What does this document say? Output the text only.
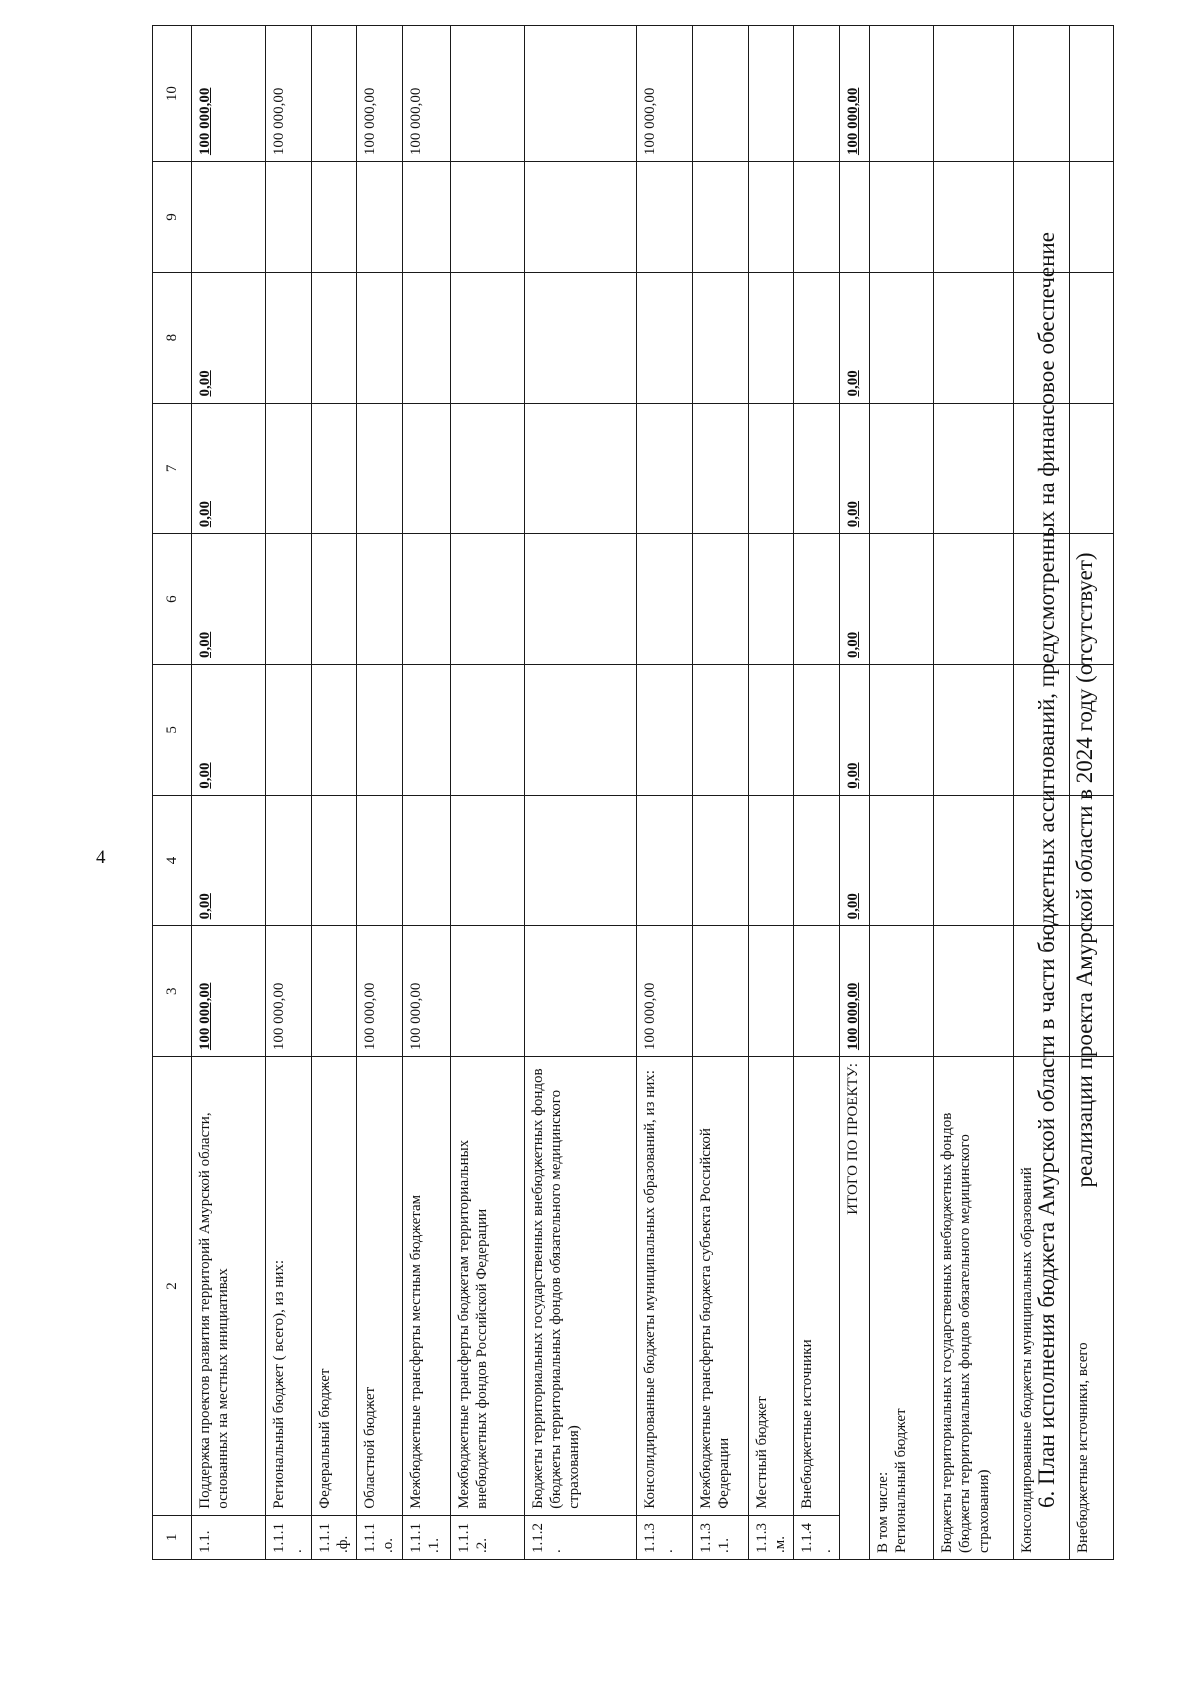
4
1	2	3	4	5	6	7	8	9	10
1.1.	Поддержка проектов развития территорий Амурской области, основанных на местных инициативах	100 000,00	0,00	0,00	0,00	0,00	0,00		100 000,00
1.1.1.	Региональный бюджет ( всего), из них:	100 000,00							100 000,00
1.1.1.ф.	Федеральный бюджет								
1.1.1.о.	Областной бюджет	100 000,00							100 000,00
1.1.1.1.	Межбюджетные трансферты местным бюджетам	100 000,00							100 000,00
1.1.1.2.	Межбюджетные трансферты бюджетам территориальных внебюджетных фондов Российской Федерации								
1.1.2.	Бюджеты территориальных государственных внебюджетных фондов (бюджеты территориальных фондов обязательного медицинского страхования)								
1.1.3.	Консолидированные бюджеты муниципальных образований, из них:	100 000,00							100 000,00
1.1.3.1.	Межбюджетные трансферты бюджета субъекта Российской Федерации								
1.1.3.м.	Местный бюджет								
1.1.4.	Внебюджетные источники								
ИТОГО ПО ПРОЕКТУ:		100 000,00	0,00	0,00	0,00	0,00	0,00		100 000,00
В том числе:
Региональный бюджет									
Бюджеты территориальных государственных внебюджетных фондов (бюджеты территориальных фондов обязательного медицинского страхования)									
Консолидированные бюджеты муниципальных образований									
Внебюджетные источники, всего									
6. План исполнения бюджета Амурской области в части бюджетных ассигнований, предусмотренных на финансовое обеспечение реализации проекта Амурской области в 2024 году (отсутствует)
